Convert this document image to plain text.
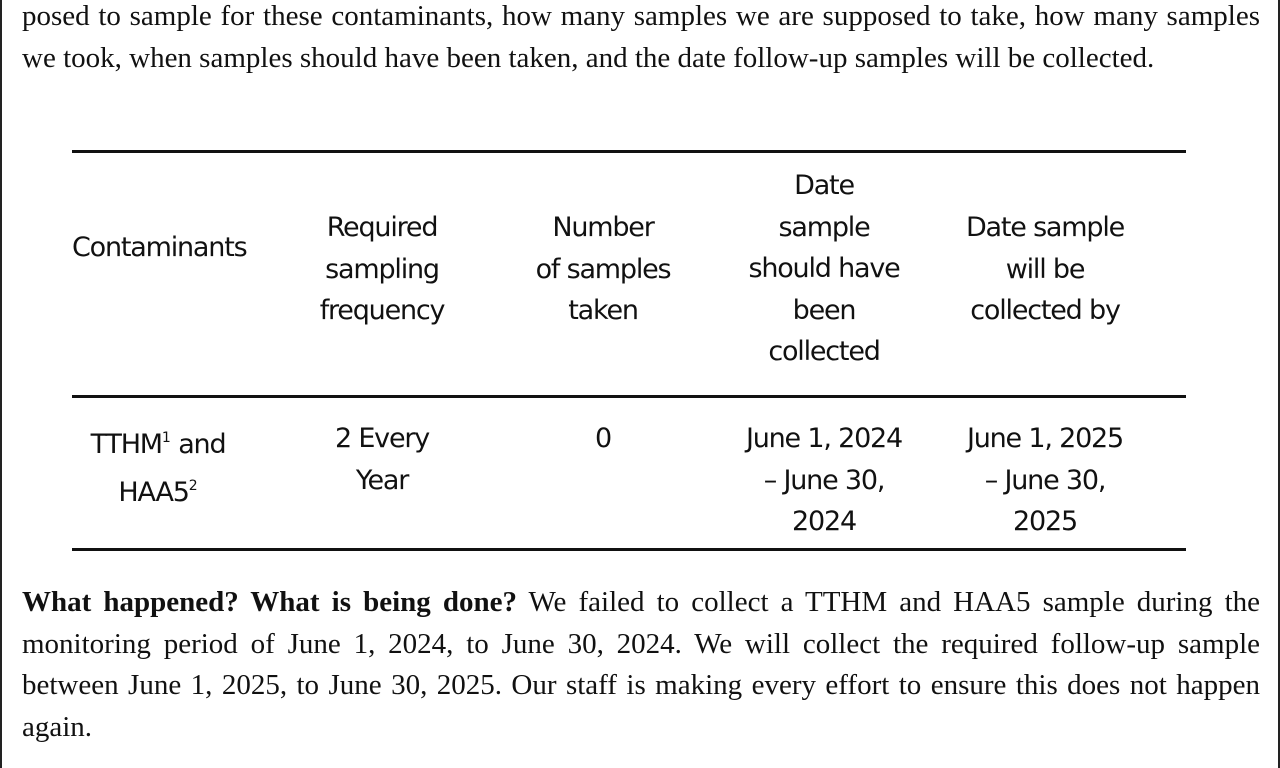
posed to sample for these contaminants, how many samples we are supposed to take, how many samples we took, when samples should have been taken, and the date follow-up samples will be collected.

Contaminants

Required
sampling
frequency

Number
of samples
taken

Date
sample
should have
been
collected

Date sample
will be
collected by

TTHM$^1$ and
$HAA5^2$

2 Every
Year

0	June 1, 2024
– June 30,
2024

June 1, 2025
– June 30,
2025

What happened? What is being done? We failed to collect a TTHM and HAA5 sample during the monitoring period of June 1, 2024, to June 30, 2024. We will collect the required follow-up sample between June 1, 2025, to June 30, 2025. Our staff is making every effort to ensure this does not happen again.
